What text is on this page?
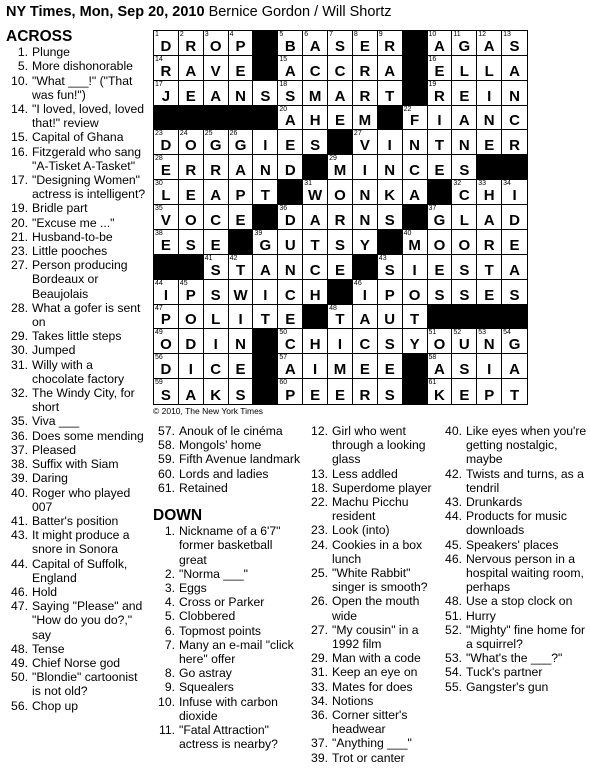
NY Times, Mon, Sep 20, 2010 Bernice Gordon / Will Shortz
1
D
2
R
3
O
4
P
5
B
6
A
7
S
8
E
9
R
10
A
11
G
12
A
13
S
14
R A V E
15
A C C R A
16
E	L	L	A
17
J	E A N S
18
S M A R T
19
R E	I	N
20
A H E M
22
F	I	A N C
23
D
24
O
25
G
26
G	I	E S
27
V	I	N T N E R
28
E R R A N D
29
M	I	N C E S
30
L	E A P	T
31
W O N K A
32
C
33
H
34
I
35
V O C E
36
D A R N S
37
G L A D
38
E S E
39
G U T	S Y
40
M O O R E
41
S
42
T A N C E
43
S	I	E S	T	A
44
I
45
P S W	I	C H
46
I	P O S S E	S
47
P O L	I	T	E
48
T A U T
49
O D	I	N
50
C H	I	C S Y
51
O
52
U
53
N
54
G
56
D	I	C E
57
A	I	M E E
58
A S	I	A
59
S A K S
60
P E E R S
61
K E P	T
© 2010, The New York Times
ACROSS
1. Plunge
5. More dishonorable
10. "What ___!" ("That was fun!")
14. "I loved, loved, loved that!" review
15. Capital of Ghana
16. Fitzgerald who sang "A-Tisket A-Tasket"
17. "Designing Women" actress is intelligent?
19. Bridle part
20. "Excuse me ..."
21. Husband-to-be
23. Little pooches
27. Person producing Bordeaux or Beaujolais
28. What a gofer is sent on
29. Takes little steps
30. Jumped
31. Willy with a chocolate factory
32. The Windy City, for short
35. Viva ___
36. Does some mending
37. Pleased
38. Suffix with Siam
39. Daring
40. Roger who played 007
41. Batter's position
43. It might produce a snore in Sonora
44. Capital of Suffolk, England
46. Hold
47. Saying "Please" and "How do you do?," say
48. Tense
49. Chief Norse god
50. "Blondie" cartoonist is not old?
56. Chop up
57. Anouk of le cinéma
58. Mongols' home
59. Fifth Avenue landmark
60. Lords and ladies
61. Retained
DOWN
1. Nickname of a 6'7" former basketball great
2. "Norma ___"
3. Eggs
4. Cross or Parker
5. Clobbered
6. Topmost points
7. Many an e-mail "click here" offer
8. Go astray
9. Squealers
10. Infuse with carbon dioxide
11. "Fatal Attraction" actress is nearby?
12. Girl who went through a looking glass
13. Less addled
18. Superdome player
22. Machu Picchu resident
23. Look (into)
24. Cookies in a box lunch
25. "White Rabbit" singer is smooth?
26. Open the mouth wide
27. "My cousin" in a 1992 film
29. Man with a code
31. Keep an eye on
33. Mates for does
34. Notions
36. Corner sitter's headwear
37. "Anything ___"
39. Trot or canter
40. Like eyes when you're getting nostalgic, maybe
42. Twists and turns, as a tendril
43. Drunkards
44. Products for music downloads
45. Speakers' places
46. Nervous person in a hospital waiting room, perhaps
48. Use a stop clock on
51. Hurry
52. "Mighty" fine home for a squirrel?
53. "What's the ___?"
54. Tuck's partner
55. Gangster's gun
